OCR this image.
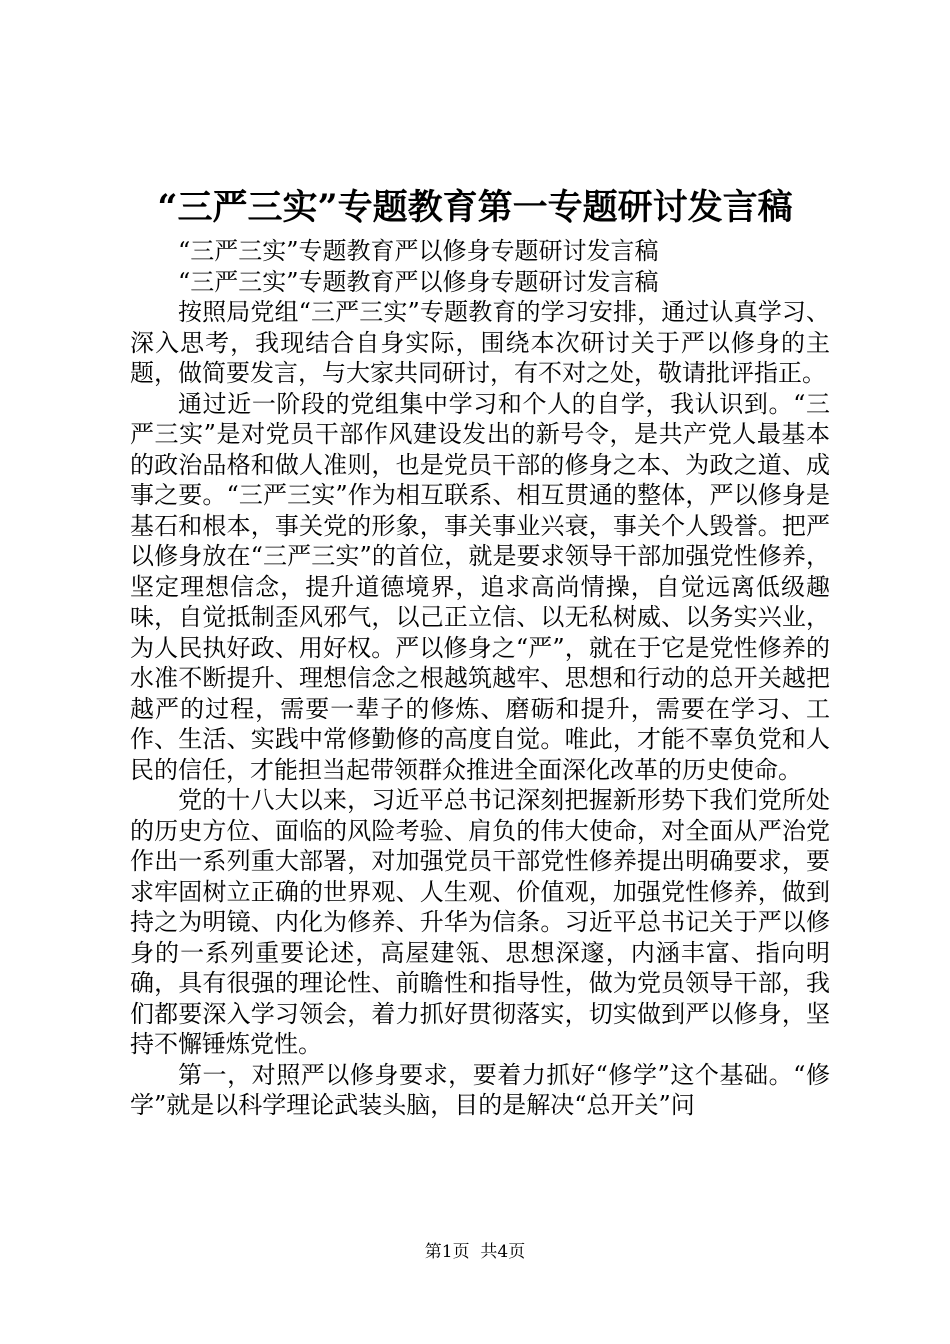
“三严三实”专题教育第一专题研讨发言稿

“三严三实”专题教育严以修身专题研讨发言稿

“三严三实”专题教育严以修身专题研讨发言稿

按照局党组“三严三实”专题教育的学习安排，通过认真学习、深入思考，我现结合自身实际，围绕本次研讨关于严以修身的主题，做简要发言，与大家共同研讨，有不对之处，敬请批评指正。

通过近一阶段的党组集中学习和个人的自学，我认识到。“三严三实”是对党员干部作风建设发出的新号令，是共产党人最基本的政治品格和做人准则，也是党员干部的修身之本、为政之道、成事之要。“三严三实”作为相互联系、相互贯通的整体，严以修身是基石和根本，事关党的形象，事关事业兴衰，事关个人毁誉。把严以修身放在“三严三实”的首位，就是要求领导干部加强党性修养，坚定理想信念，提升道德境界，追求高尚情操，自觉远离低级趣味，自觉抵制歪风邪气，以己正立信、以无私树威、以务实兴业，为人民执好政、用好权。严以修身之“严”，就在于它是党性修养的水准不断提升、理想信念之根越筑越牢、思想和行动的总开关越把越严的过程，需要一辈子的修炼、磨砺和提升，需要在学习、工作、生活、实践中常修勤修的高度自觉。唯此，才能不辜负党和人民的信任，才能担当起带领群众推进全面深化改革的历史使命。

党的十八大以来，习近平总书记深刻把握新形势下我们党所处的历史方位、面临的风险考验、肩负的伟大使命，对全面从严治党作出一系列重大部署，对加强党员干部党性修养提出明确要求，要求牢固树立正确的世界观、人生观、价值观，加强党性修养，做到持之为明镜、内化为修养、升华为信条。习近平总书记关于严以修身的一系列重要论述，高屋建瓴、思想深邃，内涵丰富、指向明确，具有很强的理论性、前瞻性和指导性，做为党员领导干部，我们都要深入学习领会，着力抓好贯彻落实，切实做到严以修身，坚持不懈锤炼党性。

第一，对照严以修身要求，要着力抓好“修学”这个基础。“修学”就是以科学理论武装头脑，目的是解决“总开关”问

第1页  共4页
